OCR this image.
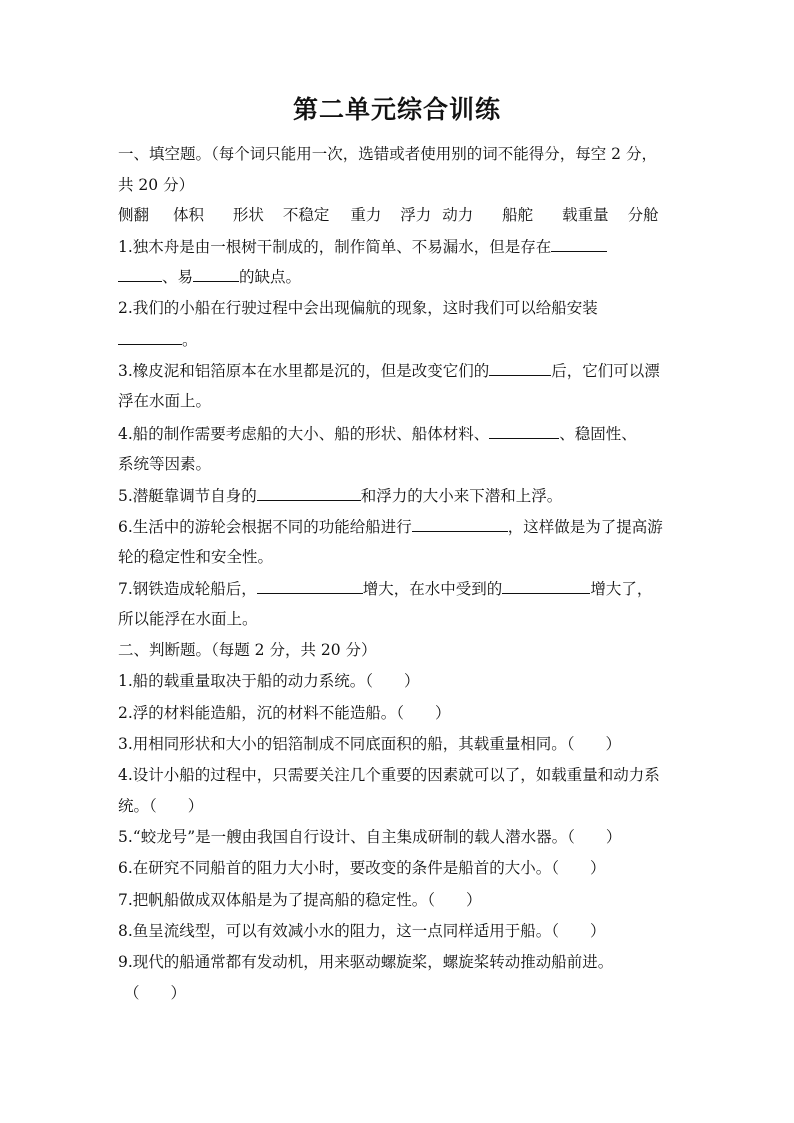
第二单元综合训练
一、填空题。（每个词只能用一次，选错或者使用别的词不能得分，每空 2 分，
共 20 分）
侧翻 体积 形状 不稳定 重力 浮力 动力 船舵 载重量 分舱
1.独木舟是由一根树干制成的，制作简单、不易漏水，但是存在
、易	的缺点。
2.我们的小船在行驶过程中会出现偏航的现象，这时我们可以给船安装
。
3.橡皮泥和铝箔原本在水里都是沉的，但是改变它们的	后，它们可以漂
浮在水面上。
4.船的制作需要考虑船的大小、船的形状、船体材料、	、稳固性、
系统等因素。
5.潜艇靠调节自身的	和浮力的大小来下潜和上浮。
6.生活中的游轮会根据不同的功能给船进行	，这样做是为了提高游
轮的稳定性和安全性。
7.钢铁造成轮船后，	增大，在水中受到的	增大了，
所以能浮在水面上。
二、判断题。（每题 2 分，共 20 分）
1.船的载重量取决于船的动力系统。（　　）
2.浮的材料能造船，沉的材料不能造船。（　　）
3.用相同形状和大小的铝箔制成不同底面积的船，其载重量相同。（　　）
4.设计小船的过程中，只需要关注几个重要的因素就可以了，如载重量和动力系
统。（　　）
5.“蛟龙号”是一艘由我国自行设计、自主集成研制的载人潜水器。（　　）
6.在研究不同船首的阻力大小时，要改变的条件是船首的大小。（　　）
7.把帆船做成双体船是为了提高船的稳定性。（　　）
8.鱼呈流线型，可以有效减小水的阻力，这一点同样适用于船。（　　）
9.现代的船通常都有发动机，用来驱动螺旋桨，螺旋桨转动推动船前进。
（　　）
